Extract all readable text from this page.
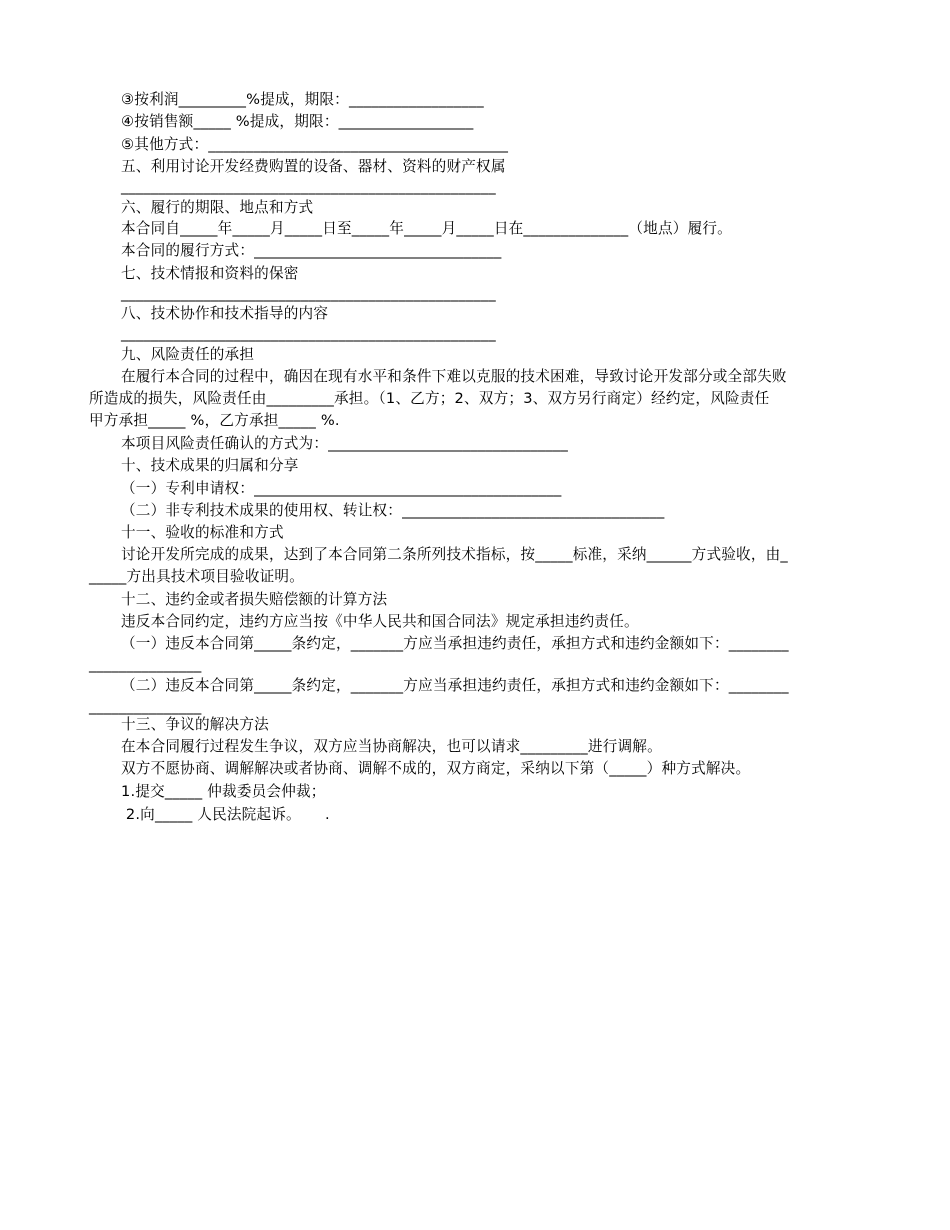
③按利润_________%提成，期限：__________________
④按销售额_____ %提成，期限：__________________
⑤其他方式：________________________________________
五、利用讨论开发经费购置的设备、器材、资料的财产权属
__________________________________________________
六、履行的期限、地点和方式
本合同自_____年_____月_____日至_____年_____月_____日在______________（地点）履行。
本合同的履行方式：_________________________________
七、技术情报和资料的保密
__________________________________________________
八、技术协作和技术指导的内容
__________________________________________________
九、风险责任的承担
在履行本合同的过程中，确因在现有水平和条件下难以克服的技术困难，导致讨论开发部分或全部失败
所造成的损失，风险责任由_________承担。（1、乙方；2、双方；3、双方另行商定）经约定，风险责任
甲方承担_____ %，乙方承担_____ %.
本项目风险责任确认的方式为：________________________________
十、技术成果的归属和分享
（一）专利申请权：_________________________________________
（二）非专利技术成果的使用权、转让权：___________________________________
十一、验收的标准和方式
讨论开发所完成的成果，达到了本合同第二条所列技术指标，按_____标准，采纳______方式验收，由_
_____方出具技术项目验收证明。
十二、违约金或者损失赔偿额的计算方法
违反本合同约定，违约方应当按《中华人民共和国合同法》规定承担违约责任。
（一）违反本合同第_____条约定，_______方应当承担违约责任，承担方式和违约金额如下：________
_______________
（二）违反本合同第_____条约定，_______方应当承担违约责任，承担方式和违约金额如下：________
_______________
十三、争议的解决方法
在本合同履行过程发生争议，双方应当协商解决，也可以请求_________进行调解。
双方不愿协商、调解解决或者协商、调解不成的，双方商定，采纳以下第（_____）种方式解决。
1.提交_____ 仲裁委员会仲裁；
2.向_____ 人民法院起诉。     .
